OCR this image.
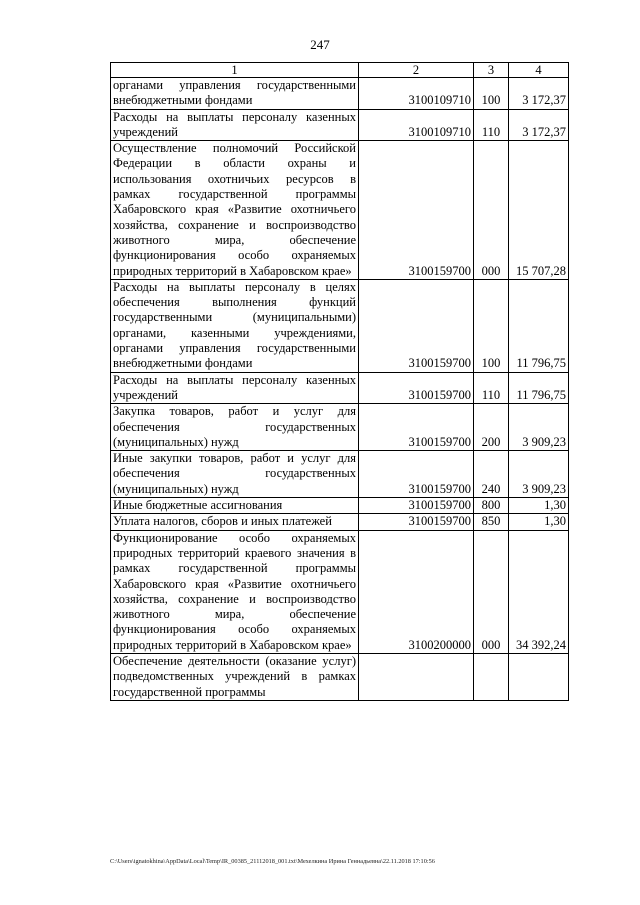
247
1	2	3	4
органами управления государственными внебюджетными фондами	3100109710	100	3 172,37
Расходы на выплаты персоналу казенных учреждений	3100109710	110	3 172,37
Осуществление полномочий Российской Федерации в области охраны и использования охотничьих ресурсов в рамках государственной программы Хабаровского края «Развитие охотничьего хозяйства, сохранение и воспроизводство животного мира, обеспечение функционирования особо охраняемых природных территорий в Хабаровском крае»	3100159700	000	15 707,28
Расходы на выплаты персоналу в целях обеспечения выполнения функций государственными (муниципальными) органами, казенными учреждениями, органами управления государственными внебюджетными фондами	3100159700	100	11 796,75
Расходы на выплаты персоналу казенных учреждений	3100159700	110	11 796,75
Закупка товаров, работ и услуг для обеспечения государственных (муниципальных) нужд	3100159700	200	3 909,23
Иные закупки товаров, работ и услуг для обеспечения государственных (муниципальных) нужд	3100159700	240	3 909,23
Иные бюджетные ассигнования	3100159700	800	1,30
Уплата налогов, сборов и иных платежей	3100159700	850	1,30
Функционирование особо охраняемых природных территорий краевого значения в рамках государственной программы Хабаровского края «Развитие охотничьего хозяйства, сохранение и воспроизводство животного мира, обеспечение функционирования особо охраняемых природных территорий в Хабаровском крае»	3100200000	000	34 392,24
Обеспечение деятельности (оказание услуг) подведомственных учреждений в рамках государственной программы			
C:\Users\ignatokhina\AppData\Local\Temp\IR_00385_21112018_001.txt\Мехелкина Ирина Геннадьевна\22.11.2018 17:10:56
